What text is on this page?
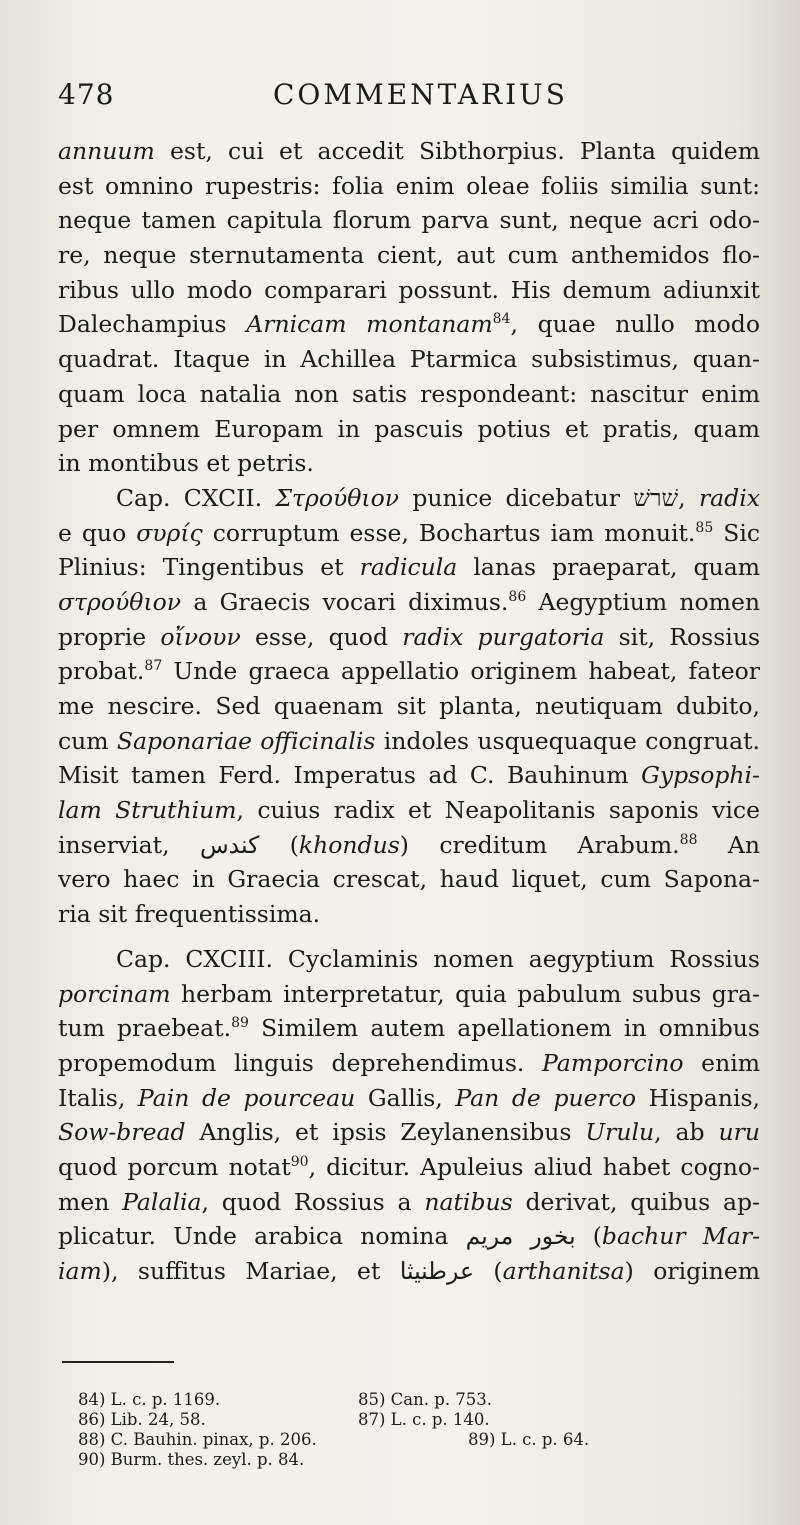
478	COMMENTARIUS
annuum est, cui et accedit Sibthorpius. Planta quidem
est omnino rupestris: folia enim oleae foliis similia sunt:
neque tamen capitula florum parva sunt, neque acri odo-
re, neque sternutamenta cient, aut cum anthemidos flo-
ribus ullo modo comparari possunt. His demum adiunxit
Dalechampius Arnicam montanam$^{84}$, quae nullo modo
quadrat. Itaque in Achillea Ptarmica subsistimus, quan-
quam loca natalia non satis respondeant: nascitur enim
per omnem Europam in pascuis potius et pratis, quam
in montibus et petris.
Cap. CXCII. Στρούθιον punice dicebatur שׁרשׁ, radix
e quo συρίς corruptum esse, Bochartus iam monuit.$^{85}$ Sic
Plinius: Tingentibus et radicula lanas praeparat, quam
στρούθιον a Graecis vocari diximus.$^{86}$ Aegyptium nomen
proprie οἴνουν esse, quod radix purgatoria sit, Rossius
probat.$^{87}$ Unde graeca appellatio originem habeat, fateor
me nescire. Sed quaenam sit planta, neutiquam dubito,
cum Saponariae officinalis indoles usquequaque congruat.
Misit tamen Ferd. Imperatus ad C. Bauhinum Gypsophi-
lam Struthium, cuius radix et Neapolitanis saponis vice
inserviat, كندس (khondus) creditum Arabum.$^{88}$ An
vero haec in Graecia crescat, haud liquet, cum Sapona-
ria sit frequentissima.
Cap. CXCIII. Cyclaminis nomen aegyptium Rossius
porcinam herbam interpretatur, quia pabulum subus gra-
tum praebeat.$^{89}$ Similem autem apellationem in omnibus
propemodum linguis deprehendimus. Pamporcino enim
Italis, Pain de pourceau Gallis, Pan de puerco Hispanis,
Sow-bread Anglis, et ipsis Zeylanensibus Urulu, ab uru
quod porcum notat$^{90}$, dicitur. Apuleius aliud habet cogno-
men Palalia, quod Rossius a natibus derivat, quibus ap-
plicatur. Unde arabica nomina بخور مريم (bachur Mar-
iam), suffitus Mariae, et عرطنيثا (arthanitsa) originem
84) L. c. p. 1169.	85) Can. p. 753.
86) Lib. 24, 58.	87) L. c. p. 140.
88) C. Bauhin. pinax, p. 206.	89) L. c. p. 64.
90) Burm. thes. zeyl. p. 84.
